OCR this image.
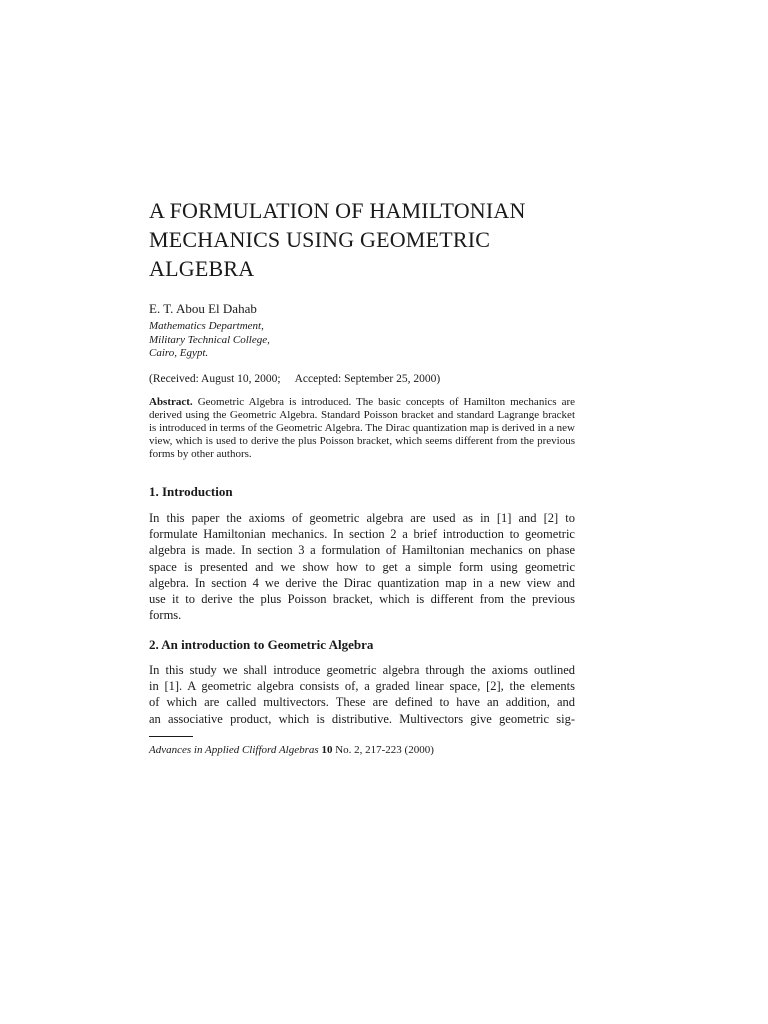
A FORMULATION OF HAMILTONIAN
MECHANICS USING GEOMETRIC
ALGEBRA
E. T. Abou El Dahab
Mathematics Department,
Military Technical College,
Cairo, Egypt.
(Received: August 10, 2000; Accepted: September 25, 2000)
Abstract. Geometric Algebra is introduced. The basic concepts of Hamilton mechanics are derived using the Geometric Algebra. Standard Poisson bracket and standard Lagrange bracket is introduced in terms of the Geometric Algebra. The Dirac quantization map is derived in a new view, which is used to derive the plus Poisson bracket, which seems different from the previous forms by other authors.
1. Introduction
In this paper the axioms of geometric algebra are used as in [1] and [2] to
formulate Hamiltonian mechanics. In section 2 a brief introduction to geometric
algebra is made. In section 3 a formulation of Hamiltonian mechanics on phase
space is presented and we show how to get a simple form using geometric
algebra. In section 4 we derive the Dirac quantization map in a new view and
use it to derive the plus Poisson bracket, which is different from the previous
forms.
2. An introduction to Geometric Algebra
In this study we shall introduce geometric algebra through the axioms outlined
in [1]. A geometric algebra consists of, a graded linear space, [2], the elements
of which are called multivectors. These are defined to have an addition, and
an associative product, which is distributive. Multivectors give geometric sig-
Advances in Applied Clifford Algebras 10 No. 2, 217-223 (2000)
